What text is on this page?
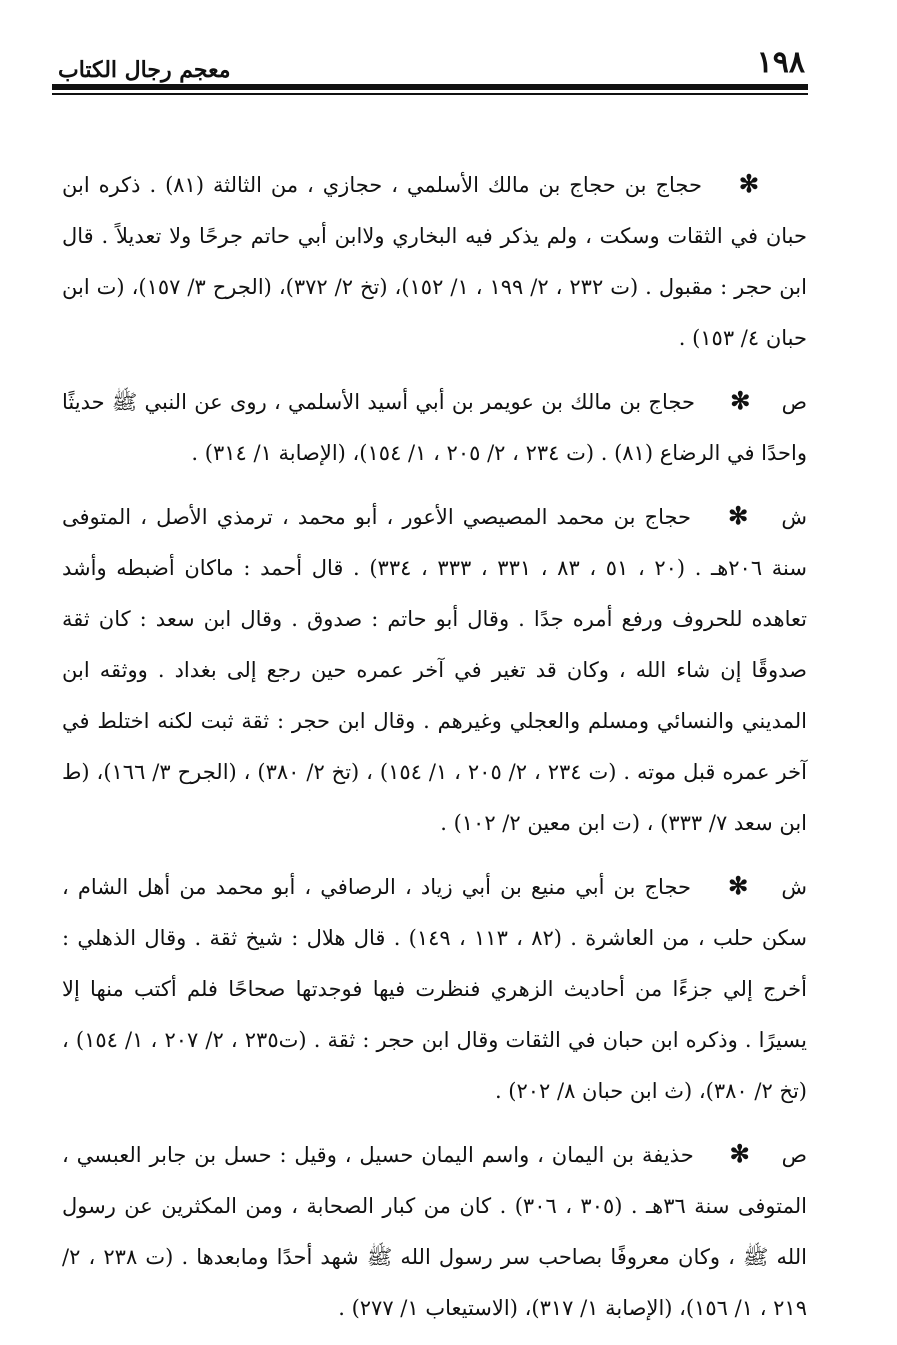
١٩٨
معجم رجال الكتاب

✻ حجاج بن حجاج بن مالك الأسلمي ، حجازي ، من الثالثة (٨١) . ذكره ابن حبان في الثقات وسكت ، ولم يذكر فيه البخاري ولاابن أبي حاتم جرحًا ولا تعديلاً . قال ابن حجر : مقبول . (ت ٢٣٢ ، ٢/ ١٩٩ ، ١/ ١٥٢)، (تخ ٢/ ٣٧٢)، (الجرح ٣/ ١٥٧)، (ت ابن حبان ٤/ ١٥٣) .

ص ✻ حجاج بن مالك بن عويمر بن أبي أسيد الأسلمي ، روى عن النبي ﷺ حديثًا واحدًا في الرضاع (٨١) . (ت ٢٣٤ ، ٢/ ٢٠٥ ، ١/ ١٥٤)، (الإصابة ١/ ٣١٤) .

ش ✻ حجاج بن محمد المصيصي الأعور ، أبو محمد ، ترمذي الأصل ، المتوفى سنة ٢٠٦هـ . (٢٠ ، ٥١ ، ٨٣ ، ٣٣١ ، ٣٣٣ ، ٣٣٤) . قال أحمد : ماكان أضبطه وأشد تعاهده للحروف ورفع أمره جدًا . وقال أبو حاتم : صدوق . وقال ابن سعد : كان ثقة صدوقًا إن شاء الله ، وكان قد تغير في آخر عمره حين رجع إلى بغداد . ووثقه ابن المديني والنسائي ومسلم والعجلي وغيرهم . وقال ابن حجر : ثقة ثبت لكنه اختلط في آخر عمره قبل موته . (ت ٢٣٤ ، ٢/ ٢٠٥ ، ١/ ١٥٤) ، (تخ ٢/ ٣٨٠) ، (الجرح ٣/ ١٦٦)، (ط ابن سعد ٧/ ٣٣٣) ، (ت ابن معين ٢/ ١٠٢) .

ش ✻ حجاج بن أبي منيع بن أبي زياد ، الرصافي ، أبو محمد من أهل الشام ، سكن حلب ، من العاشرة . (٨٢ ، ١١٣ ، ١٤٩) . قال هلال : شيخ ثقة . وقال الذهلي : أخرج إلي جزءًا من أحاديث الزهري فنظرت فيها فوجدتها صحاحًا فلم أكتب منها إلا يسيرًا . وذكره ابن حبان في الثقات وقال ابن حجر : ثقة . (ت٢٣٥ ، ٢/ ٢٠٧ ، ١/ ١٥٤) ، (تخ ٢/ ٣٨٠)، (ث ابن حبان ٨/ ٢٠٢) .

ص ✻ حذيفة بن اليمان ، واسم اليمان حسيل ، وقيل : حسل بن جابر العبسي ، المتوفى سنة ٣٦هـ . (٣٠٥ ، ٣٠٦) . كان من كبار الصحابة ، ومن المكثرين عن رسول الله ﷺ ، وكان معروفًا بصاحب سر رسول الله ﷺ شهد أحدًا ومابعدها . (ت ٢٣٨ ، ٢/ ٢١٩ ، ١/ ١٥٦)، (الإصابة ١/ ٣١٧)، (الاستيعاب ١/ ٢٧٧) .
